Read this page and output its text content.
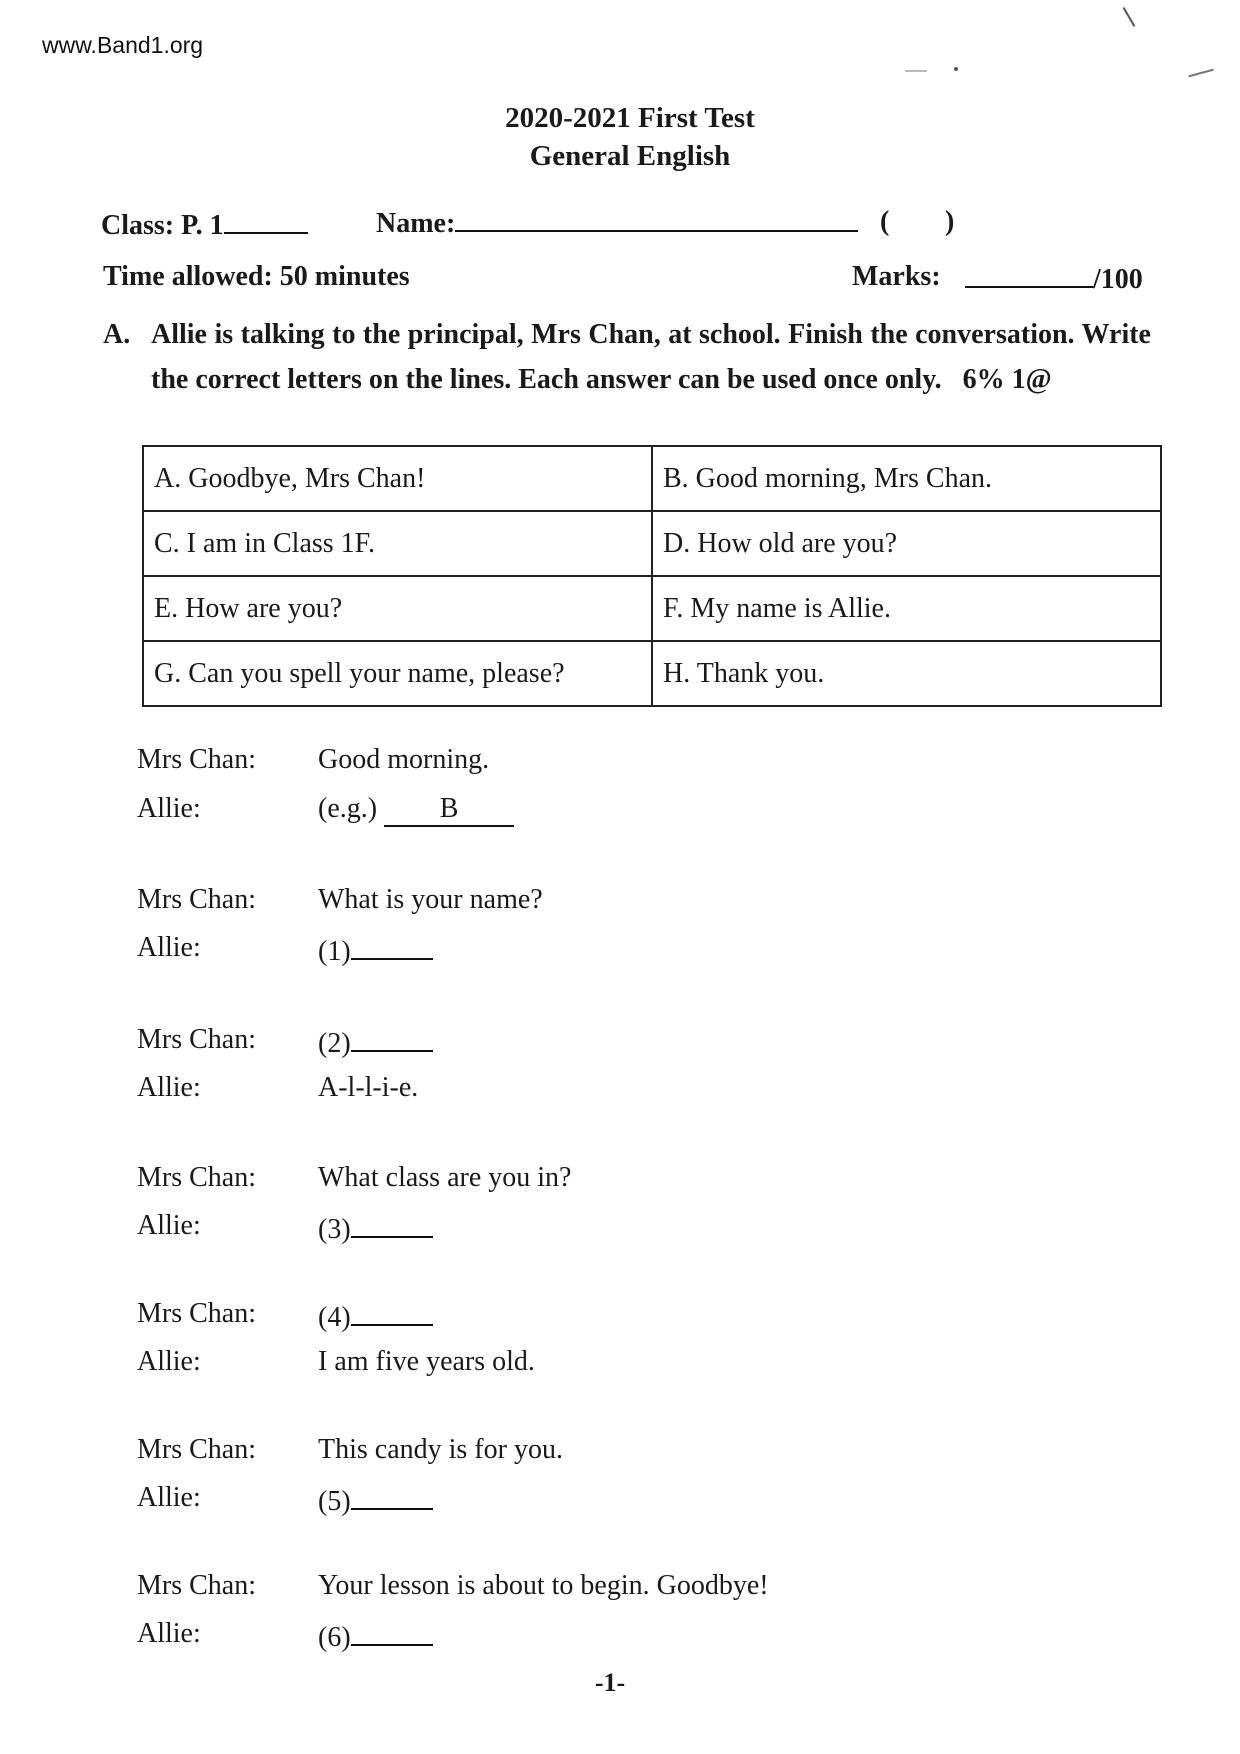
www.Band1.org
2020-2021 First Test
General English
Class: P. 1	Name:	( )
Time allowed: 50 minutes	Marks:	/100
A. Allie is talking to the principal, Mrs Chan, at school. Finish the conversation. Write the correct letters on the lines. Each answer can be used once only. 6% 1@
A. Goodbye, Mrs Chan!	B. Good morning, Mrs Chan.
C. I am in Class 1F.	D. How old are you?
E. How are you?	F. My name is Allie.
G. Can you spell your name, please?	H. Thank you.
Mrs Chan: Good morning.
Allie:	(e.g.) B
Mrs Chan: What is your name?
Allie:	(1)
Mrs Chan: (2)
Allie:	A-l-l-i-e.
Mrs Chan: What class are you in?
Allie:	(3)
Mrs Chan: (4)
Allie:	I am five years old.
Mrs Chan: This candy is for you.
Allie:	(5)
Mrs Chan: Your lesson is about to begin. Goodbye!
Allie:	(6)
-1-
